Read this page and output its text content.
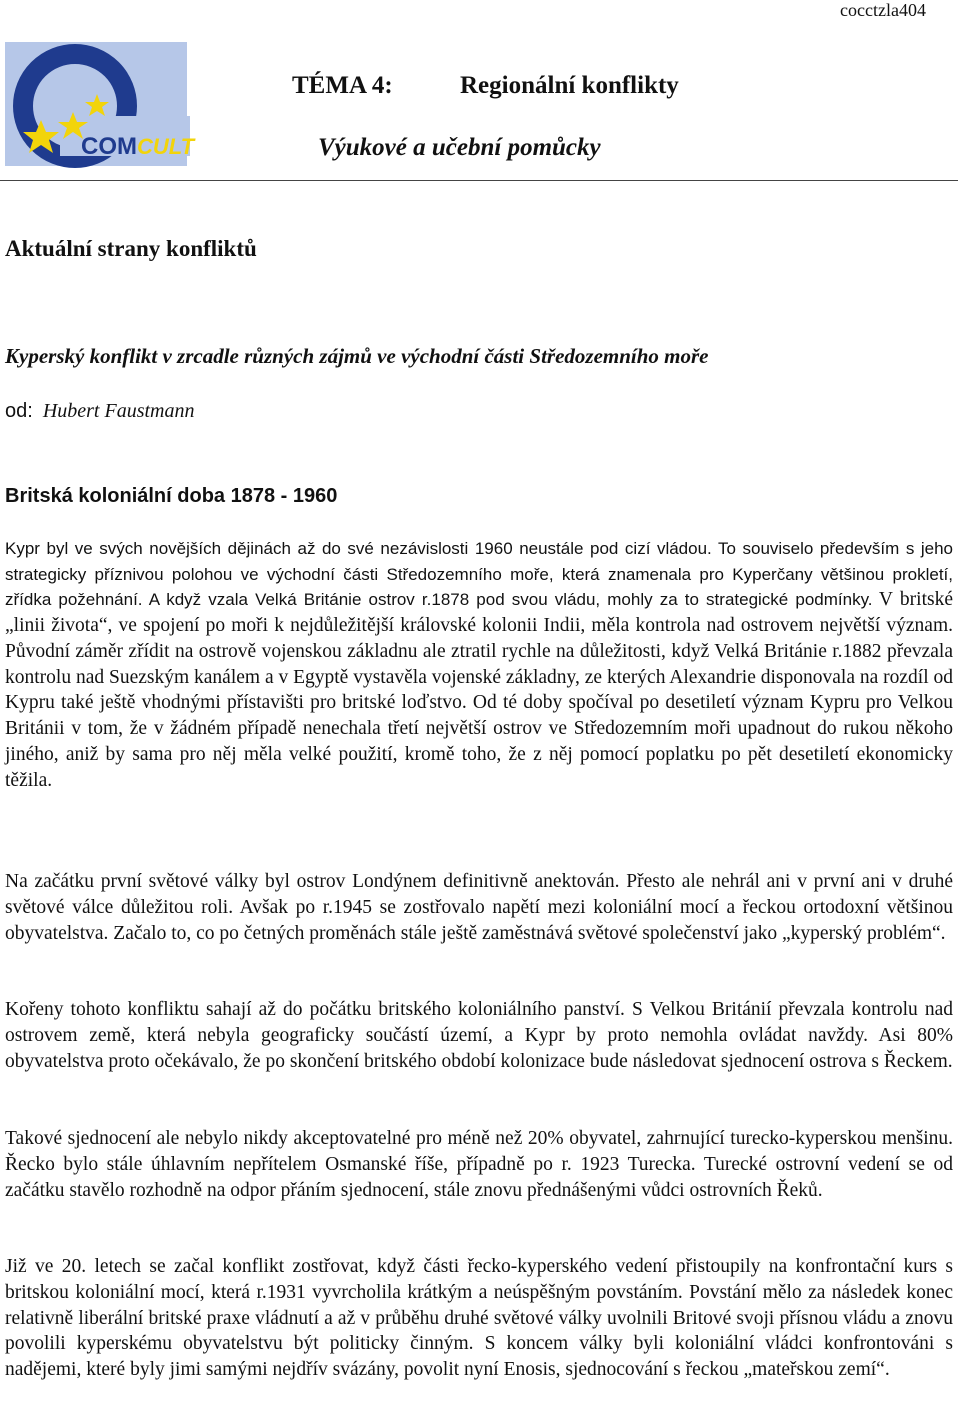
cocctzla404
COM CULT
TÉMA 4:	Regionální konflikty
Výukové a učební pomůcky
Aktuální strany konfliktů
Kyperský konflikt v zrcadle různých zájmů ve východní části Středozemního moře
od: Hubert Faustmann
Britská koloniální doba 1878 - 1960
Kypr byl ve svých novějších dějinách až do své nezávislosti 1960 neustále pod cizí vládou. To souviselo především s jeho strategicky příznivou polohou ve východní části Středozemního moře, která znamenala pro Kyperčany většinou prokletí, zřídka požehnání. A když vzala Velká Británie ostrov r.1878 pod svou vládu, mohly za to strategické podmínky. V britské „linii života“, ve spojení po moři k nejdůležitější královské kolonii Indii, měla kontrola nad ostrovem největší význam. Původní záměr zřídit na ostrově vojenskou základnu ale ztratil rychle na důležitosti, když Velká Británie r.1882 převzala kontrolu nad Suezským kanálem a v Egyptě vystavěla vojenské základny, ze kterých Alexandrie disponovala na rozdíl od Kypru také ještě vhodnými přístavišti pro britské loďstvo. Od té doby spočíval po desetiletí význam Kypru pro Velkou Británii v tom, že v žádném případě nenechala třetí největší ostrov ve Středozemním moři upadnout do rukou někoho jiného, aniž by sama pro něj měla velké použití, kromě toho, že z něj pomocí poplatku po pět desetiletí ekonomicky těžila.
Na začátku první světové války byl ostrov Londýnem definitivně anektován. Přesto ale nehrál ani v první ani v druhé světové válce důležitou roli. Avšak po r.1945 se zostřovalo napětí mezi koloniální mocí a řeckou ortodoxní většinou obyvatelstva. Začalo to, co po četných proměnách stále ještě zaměstnává světové společenství jako „kyperský problém“.
Kořeny tohoto konfliktu sahají až do počátku britského koloniálního panství. S Velkou Británií převzala kontrolu nad ostrovem země, která nebyla geograficky součástí území, a Kypr by proto nemohla ovládat navždy. Asi 80% obyvatelstva proto očekávalo, že po skončení britského období kolonizace bude následovat sjednocení ostrova s Řeckem.
Takové sjednocení ale nebylo nikdy akceptovatelné pro méně než 20% obyvatel, zahrnující turecko-kyperskou menšinu. Řecko bylo stále úhlavním nepřítelem Osmanské říše, případně po r. 1923 Turecka. Turecké ostrovní vedení se od začátku stavělo rozhodně na odpor přáním sjednocení, stále znovu přednášenými vůdci ostrovních Řeků.
Již ve 20. letech se začal konflikt zostřovat, když části řecko-kyperského vedení přistoupily na konfrontační kurs s britskou koloniální mocí, která r.1931 vyvrcholila krátkým a neúspěšným povstáním. Povstání mělo za následek konec relativně liberální britské praxe vládnutí a až v průběhu druhé světové války uvolnili Britové svoji přísnou vládu a znovu povolili kyperskému obyvatelstvu být politicky činným. S koncem války byli koloniální vládci konfrontováni s nadějemi, které byly jimi samými nejdřív svázány, povolit nyní Enosis, sjednocování s řeckou „mateřskou zemí“.
